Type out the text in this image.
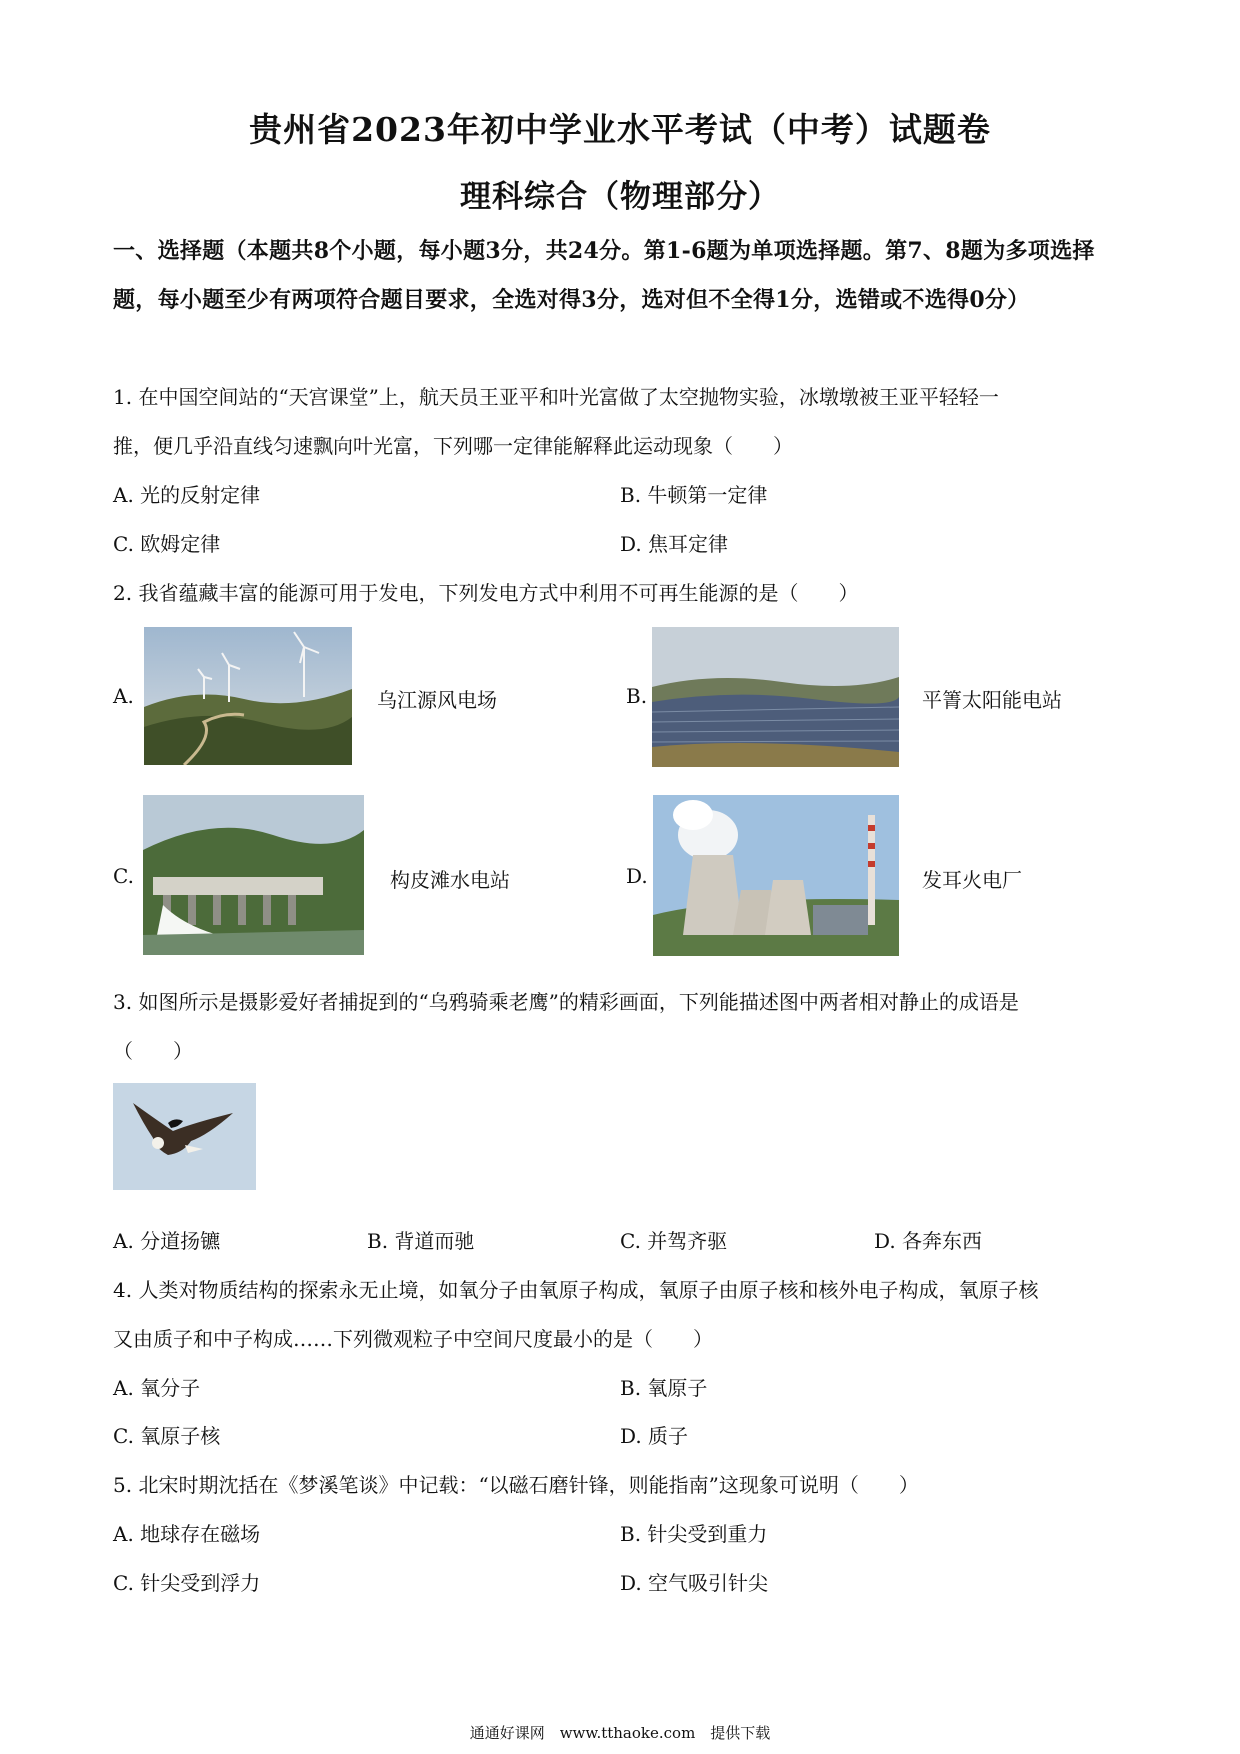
贵州省2023年初中学业水平考试（中考）试题卷
理科综合（物理部分）
一、选择题（本题共8个小题，每小题3分，共24分。第1-6题为单项选择题。第7、8题为多项选择题，每小题至少有两项符合题目要求，全选对得3分，选对但不全得1分，选错或不选得0分）
1. 在中国空间站的“天宫课堂”上，航天员王亚平和叶光富做了太空抛物实验，冰墩墩被王亚平轻轻一
推，便几乎沿直线匀速飘向叶光富，下列哪一定律能解释此运动现象（　　）
A. 光的反射定律	B. 牛顿第一定律
C. 欧姆定律	D. 焦耳定律
2. 我省蕴藏丰富的能源可用于发电，下列发电方式中利用不可再生能源的是（　　）
A.	乌江源风电场	B.	平箐太阳能电站
C.	构皮滩水电站	D.	发耳火电厂
3. 如图所示是摄影爱好者捕捉到的“乌鸦骑乘老鹰”的精彩画面，下列能描述图中两者相对静止的成语是
（　　）
A. 分道扬镳	B. 背道而驰	C. 并驾齐驱	D. 各奔东西
4. 人类对物质结构的探索永无止境，如氧分子由氧原子构成，氧原子由原子核和核外电子构成，氧原子核
又由质子和中子构成……下列微观粒子中空间尺度最小的是（　　）
A. 氧分子	B. 氧原子
C. 氧原子核	D. 质子
5. 北宋时期沈括在《梦溪笔谈》中记载：“以磁石磨针锋，则能指南”这现象可说明（　　）
A. 地球存在磁场	B. 针尖受到重力
C. 针尖受到浮力	D. 空气吸引针尖
通通好课网　www.tthaoke.com　提供下载
